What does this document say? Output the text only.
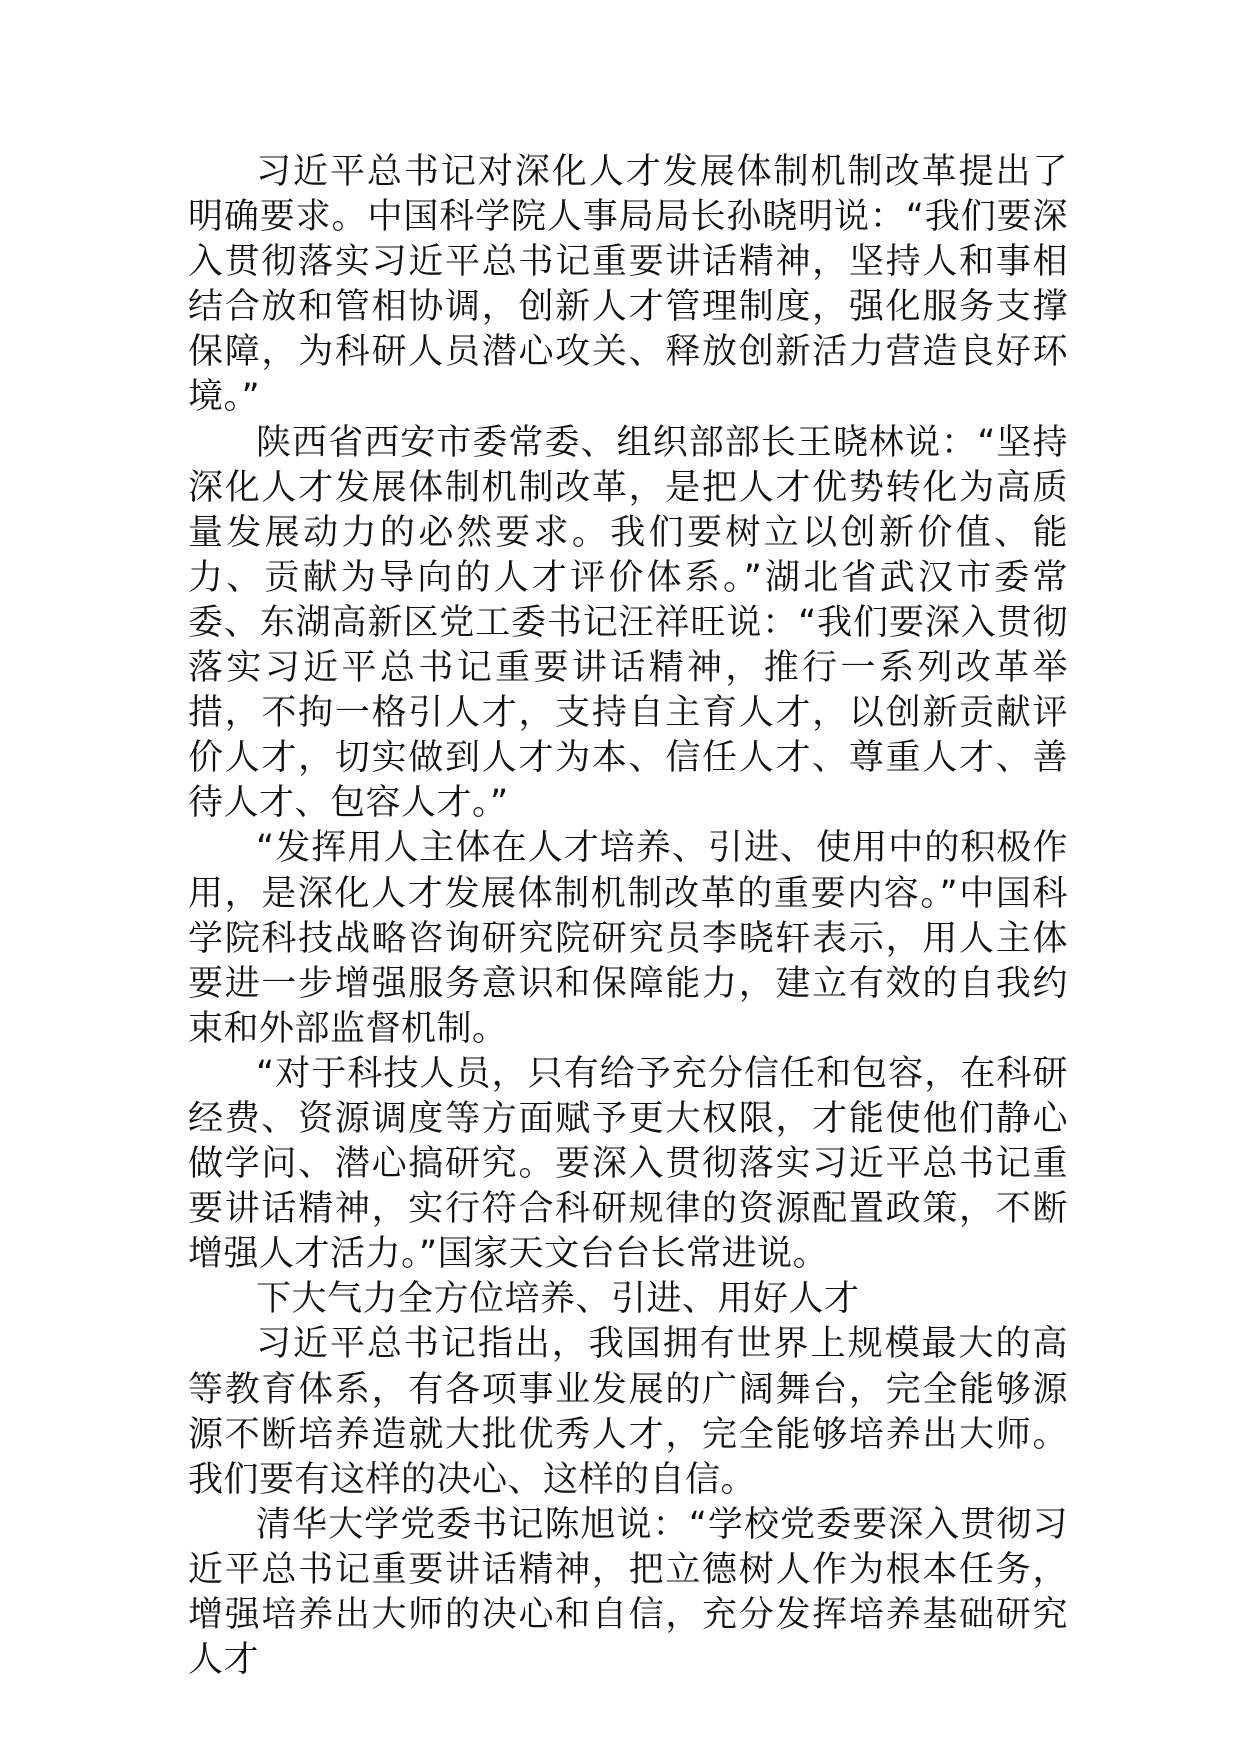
习近平总书记对深化人才发展体制机制改革提出了明确要求。中国科学院人事局局长孙晓明说：“我们要深入贯彻落实习近平总书记重要讲话精神，坚持人和事相结合放和管相协调，创新人才管理制度，强化服务支撑保障，为科研人员潜心攻关、释放创新活力营造良好环境。”

陕西省西安市委常委、组织部部长王晓林说：“坚持深化人才发展体制机制改革，是把人才优势转化为高质量发展动力的必然要求。我们要树立以创新价值、能力、贡献为导向的人才评价体系。”湖北省武汉市委常委、东湖高新区党工委书记汪祥旺说：“我们要深入贯彻落实习近平总书记重要讲话精神，推行一系列改革举措，不拘一格引人才，支持自主育人才，以创新贡献评价人才，切实做到人才为本、信任人才、尊重人才、善待人才、包容人才。”

“发挥用人主体在人才培养、引进、使用中的积极作用，是深化人才发展体制机制改革的重要内容。”中国科学院科技战略咨询研究院研究员李晓轩表示，用人主体要进一步增强服务意识和保障能力，建立有效的自我约束和外部监督机制。

“对于科技人员，只有给予充分信任和包容，在科研经费、资源调度等方面赋予更大权限，才能使他们静心做学问、潜心搞研究。要深入贯彻落实习近平总书记重要讲话精神，实行符合科研规律的资源配置政策，不断增强人才活力。”国家天文台台长常进说。

下大气力全方位培养、引进、用好人才

习近平总书记指出，我国拥有世界上规模最大的高等教育体系，有各项事业发展的广阔舞台，完全能够源源不断培养造就大批优秀人才，完全能够培养出大师。我们要有这样的决心、这样的自信。

清华大学党委书记陈旭说：“学校党委要深入贯彻习近平总书记重要讲话精神，把立德树人作为根本任务，增强培养出大师的决心和自信，充分发挥培养基础研究人才
